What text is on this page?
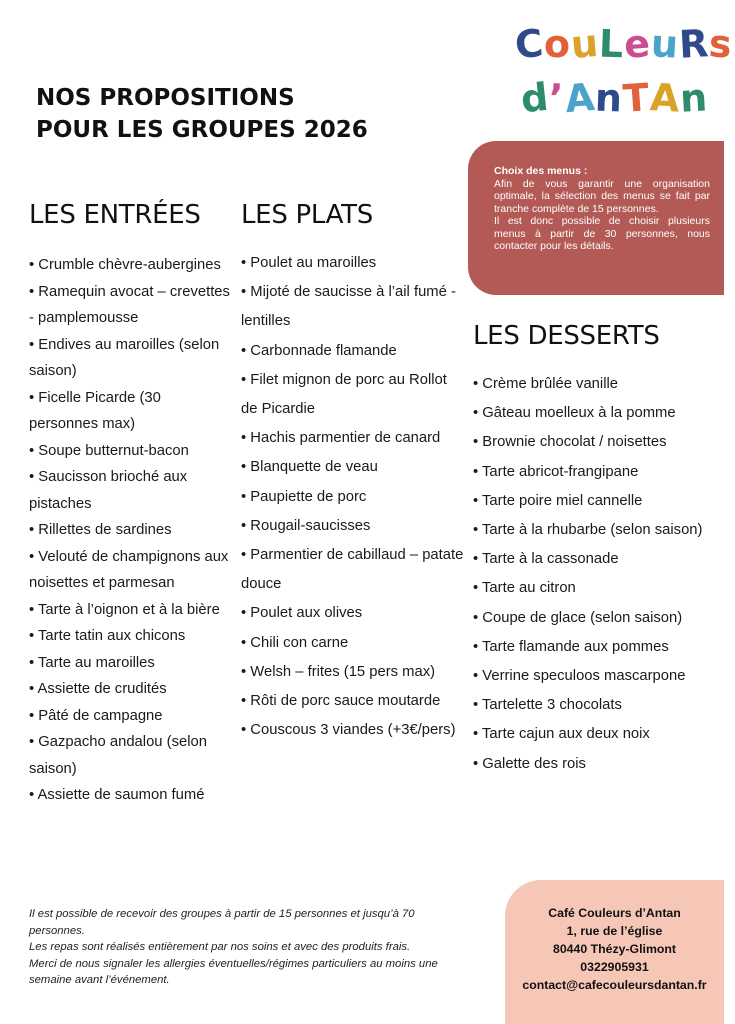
CouLeuRs
d’AnTAn
NOS PROPOSITIONS
POUR LES GROUPES 2026
Choix des menus :

Afin de vous garantir une organisation optimale, la sélection des menus se fait par tranche complète de 15 personnes.

Il est donc possible de choisir plusieurs menus à partir de 30 personnes, nous contacter pour les détails.

LES ENTRÉES
• Crumble chèvre-aubergines
• Ramequin avocat – crevettes - pamplemousse
• Endives au maroilles (selon saison)
• Ficelle Picarde (30 personnes max)
• Soupe butternut-bacon
• Saucisson brioché aux pistaches
• Rillettes de sardines
• Velouté de champignons aux noisettes et parmesan
• Tarte à l’oignon et à la bière
• Tarte tatin aux chicons
• Tarte au maroilles
• Assiette de crudités
• Pâté de campagne
• Gazpacho andalou (selon saison)
• Assiette de saumon fumé
LES PLATS
• Poulet au maroilles
• Mijoté de saucisse à l’ail fumé - lentilles
• Carbonnade flamande
• Filet mignon de porc au Rollot de Picardie
• Hachis parmentier de canard
• Blanquette de veau
• Paupiette de porc
• Rougail-saucisses
• Parmentier de cabillaud – patate douce
• Poulet aux olives
• Chili con carne
• Welsh – frites (15 pers max)
• Rôti de porc sauce moutarde
• Couscous 3 viandes (+3€/pers)
LES DESSERTS
• Crème brûlée vanille
• Gâteau moelleux à la pomme
• Brownie chocolat / noisettes
• Tarte abricot-frangipane
• Tarte poire miel cannelle
• Tarte à la rhubarbe (selon saison)
• Tarte à la cassonade
• Tarte au citron
• Coupe de glace (selon saison)
• Tarte flamande aux pommes
• Verrine speculoos mascarpone
• Tartelette 3 chocolats
• Tarte cajun aux deux noix
• Galette des rois

Il est possible de recevoir des groupes à partir de 15 personnes et jusqu’à 70 personnes.

Les repas sont réalisés entièrement par nos soins et avec des produits frais.

Merci de nous signaler les allergies éventuelles/régimes particuliers au moins une semaine avant l’événement.

Café Couleurs d’Antan
1, rue de l’église
80440 Thézy-Glimont
0322905931
contact@cafecouleursdantan.fr
